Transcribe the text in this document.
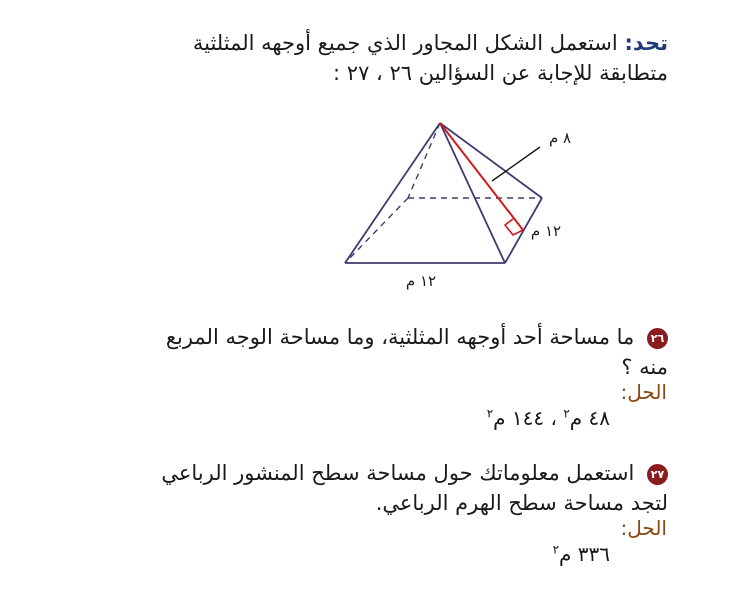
تحد: استعمل الشكل المجاور الذي جميع أوجهه المثلثية
متطابقة للإجابة عن السؤالين ٢٦ ، ٢٧ :
٨ م
١٢ م
١٢ م
٢٦ ما مساحة أحد أوجهه المثلثية، وما مساحة الوجه المربع
منه ؟
الحل:
٤٨ م$^٢$ ، ١٤٤ م$^٢$
٢٧ استعمل معلوماتك حول مساحة سطح المنشور الرباعي
لتجد مساحة سطح الهرم الرباعي.
الحل:
٣٣٦ م$^٢$
